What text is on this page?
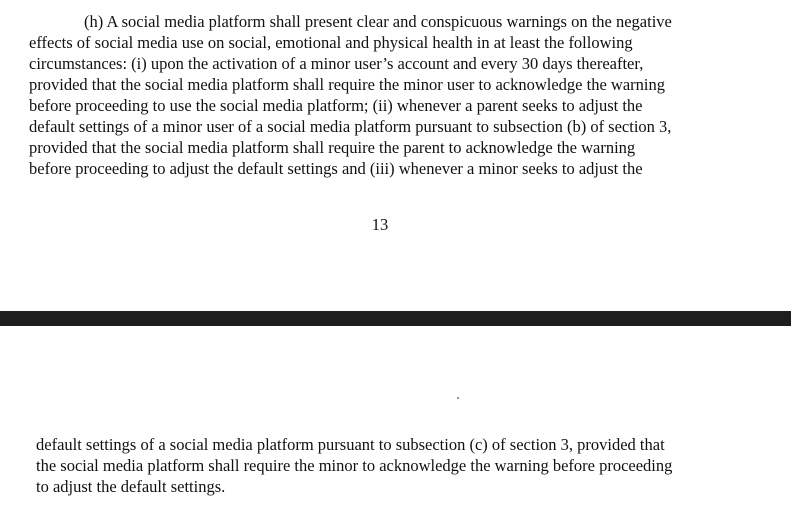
(h) A social media platform shall present clear and conspicuous warnings on the negative
effects of social media use on social, emotional and physical health in at least the following
circumstances: (i) upon the activation of a minor user’s account and every 30 days thereafter,
provided that the social media platform shall require the minor user to acknowledge the warning
before proceeding to use the social media platform; (ii) whenever a parent seeks to adjust the
default settings of a minor user of a social media platform pursuant to subsection (b) of section 3,
provided that the social media platform shall require the parent to acknowledge the warning
before proceeding to adjust the default settings and (iii) whenever a minor seeks to adjust the

13

default settings of a social media platform pursuant to subsection (c) of section 3, provided that
the social media platform shall require the minor to acknowledge the warning before proceeding
to adjust the default settings.
